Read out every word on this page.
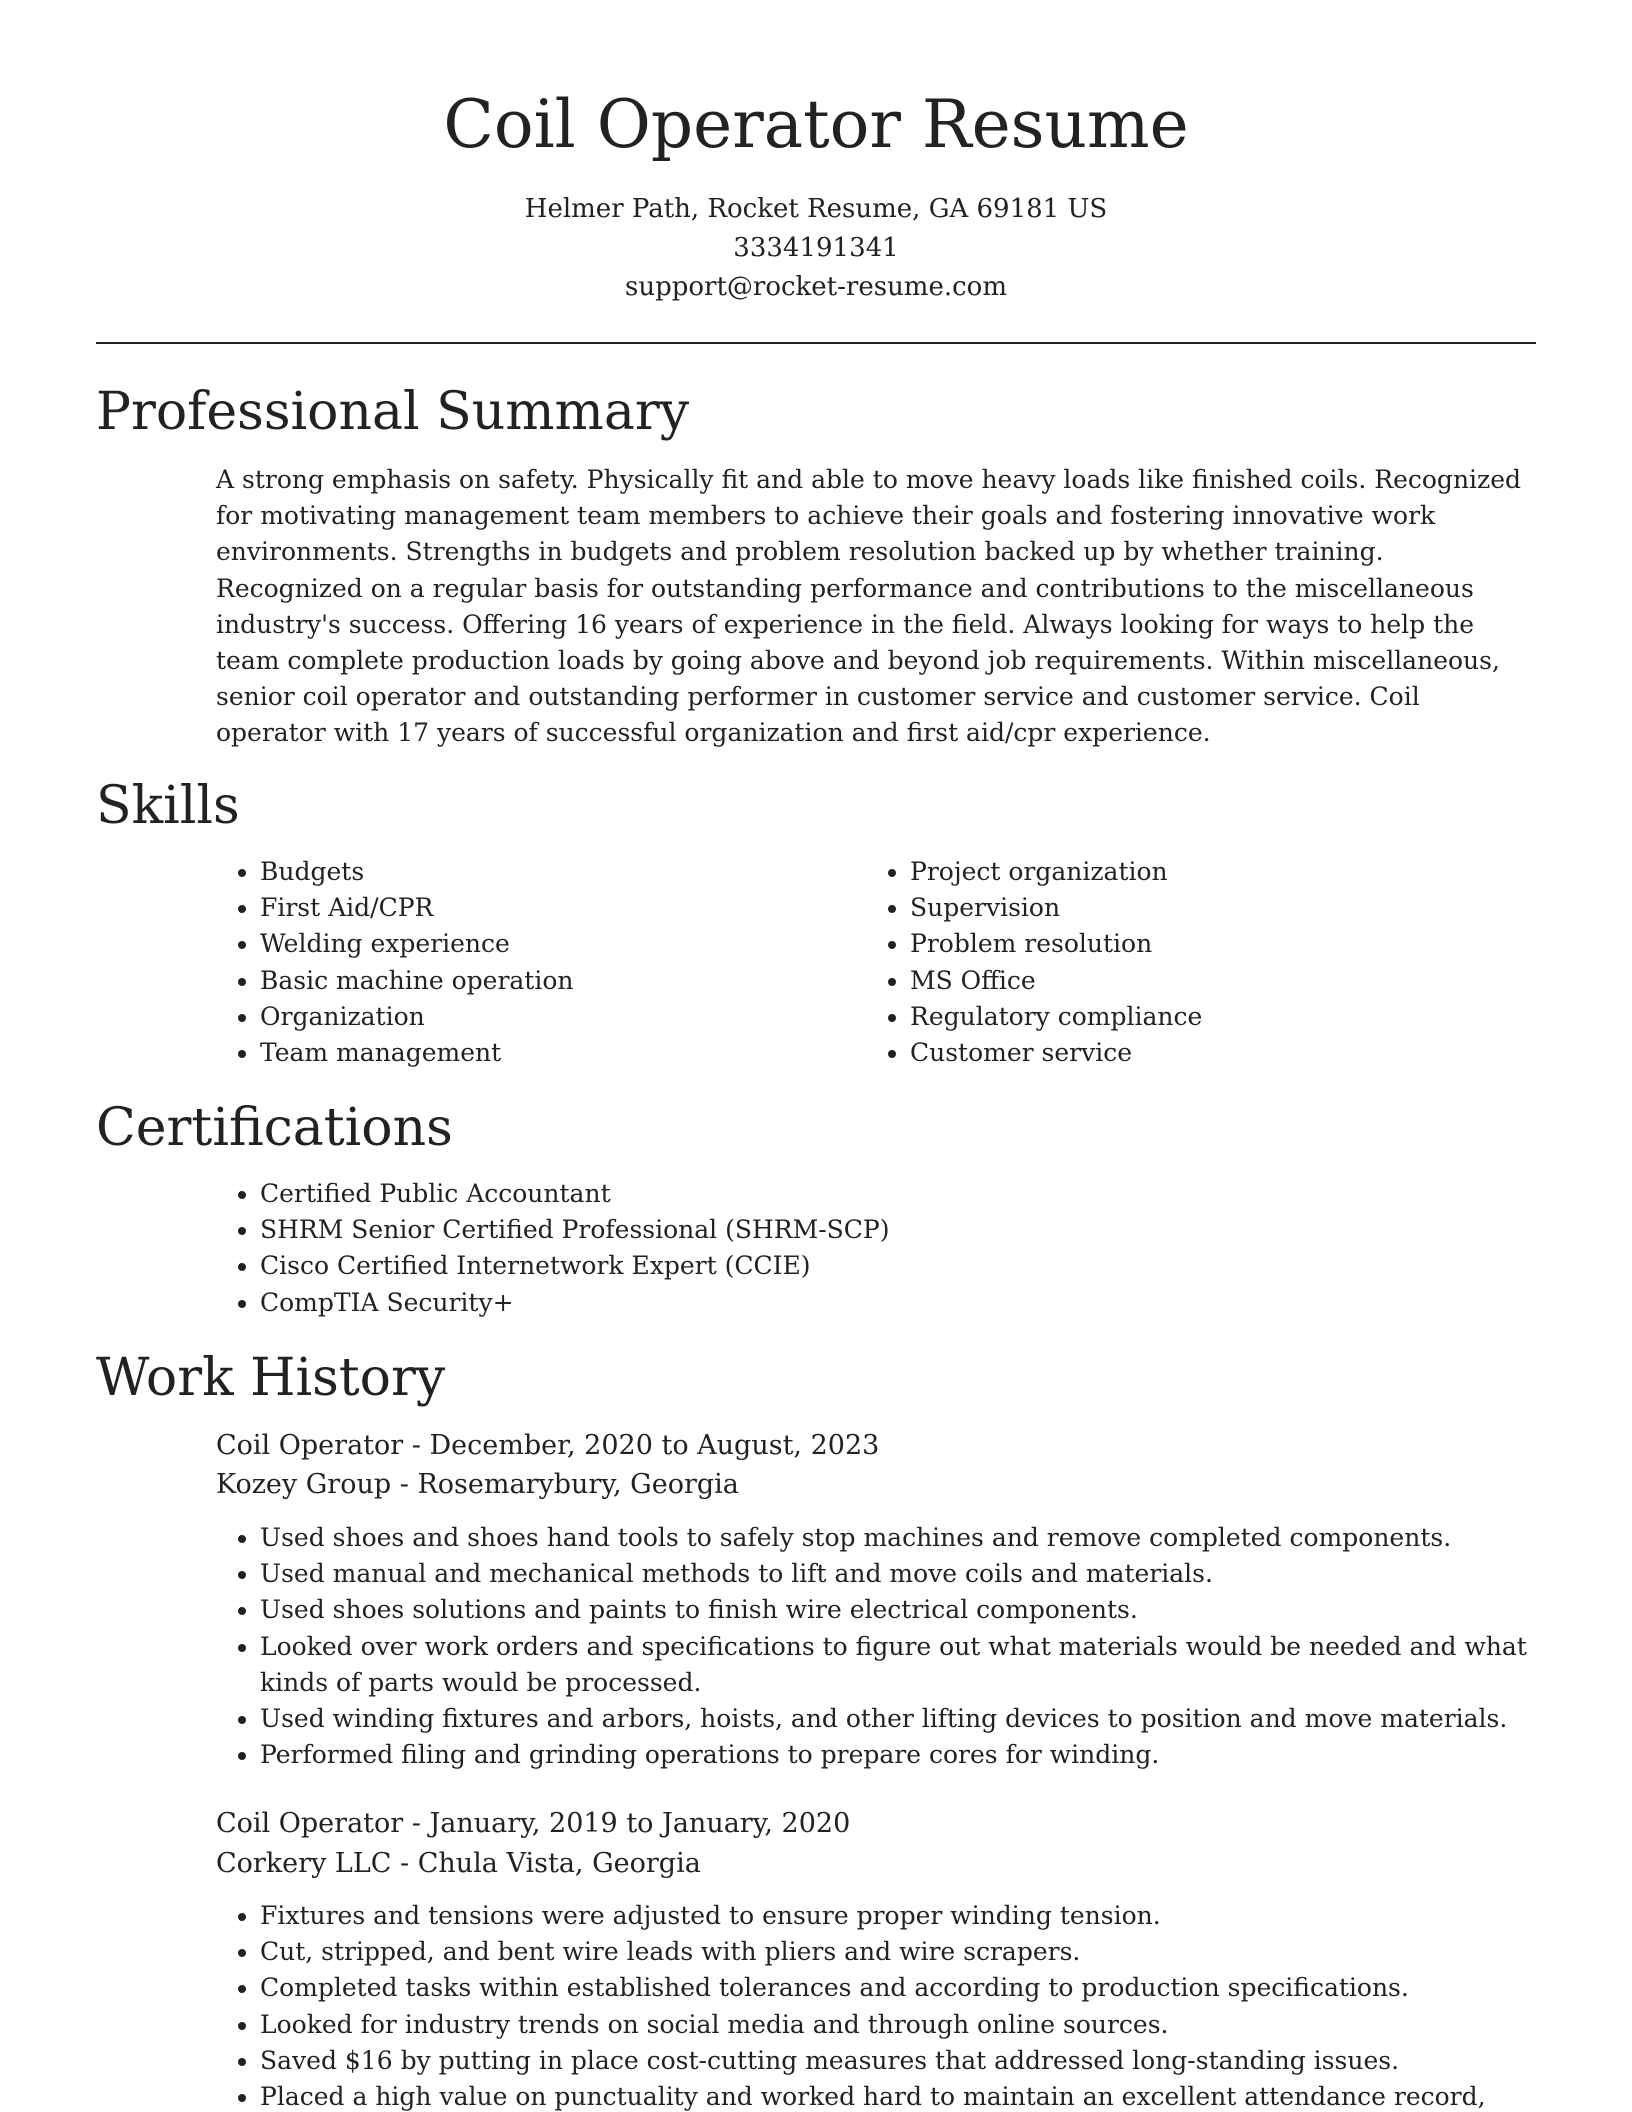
Coil Operator Resume
Helmer Path, Rocket Resume, GA 69181 US
3334191341
support@rocket-resume.com
Professional Summary

A strong emphasis on safety. Physically fit and able to move heavy loads like finished coils. Recognized for motivating management team members to achieve their goals and fostering innovative work environments. Strengths in budgets and problem resolution backed up by whether training. Recognized on a regular basis for outstanding performance and contributions to the miscellaneous industry's success. Offering 16 years of experience in the field. Always looking for ways to help the team complete production loads by going above and beyond job requirements. Within miscellaneous, senior coil operator and outstanding performer in customer service and customer service. Coil operator with 17 years of successful organization and first aid/cpr experience.

Skills
• Budgets
• First Aid/CPR
• Welding experience
• Basic machine operation
• Organization
• Team management
• Project organization
• Supervision
• Problem resolution
• MS Office
• Regulatory compliance
• Customer service
Certifications
• Certified Public Accountant
• SHRM Senior Certified Professional (SHRM-SCP)
• Cisco Certified Internetwork Expert (CCIE)
• CompTIA Security+
Work History
Coil Operator - December, 2020 to August, 2023
Kozey Group - Rosemarybury, Georgia
• Used shoes and shoes hand tools to safely stop machines and remove completed components.
• Used manual and mechanical methods to lift and move coils and materials.
• Used shoes solutions and paints to finish wire electrical components.
• Looked over work orders and specifications to figure out what materials would be needed and what kinds of parts would be processed.
• Used winding fixtures and arbors, hoists, and other lifting devices to position and move materials.
• Performed filing and grinding operations to prepare cores for winding.
Coil Operator - January, 2019 to January, 2020
Corkery LLC - Chula Vista, Georgia
• Fixtures and tensions were adjusted to ensure proper winding tension.
• Cut, stripped, and bent wire leads with pliers and wire scrapers.
• Completed tasks within established tolerances and according to production specifications.
• Looked for industry trends on social media and through online sources.
• Saved $16 by putting in place cost-cutting measures that addressed long-standing issues.
• Placed a high value on punctuality and worked hard to maintain an excellent attendance record,
